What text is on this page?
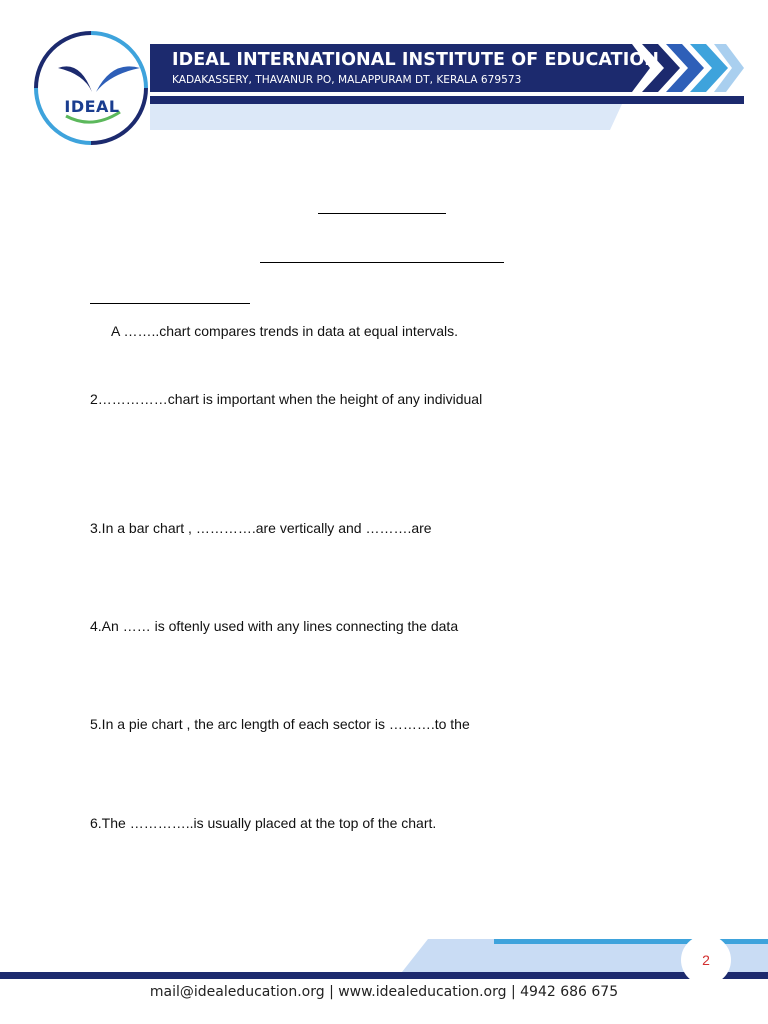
IDEAL
IDEAL INTERNATIONAL INSTITUTE OF EDUCATION
KADAKASSERY, THAVANUR PO, MALAPPURAM DT, KERALA 679573
A ……..chart compares trends in data at equal intervals.
2……………chart is important when the height of any individual
3.In a bar chart , ………….are vertically and ……….are
4.An …… is oftenly used with any lines connecting the data
5.In a pie chart , the arc length of each sector is ……….to the
6.The …………..is usually placed at the top of the chart.
2
mail@idealeducation.org | www.idealeducation.org | 4942 686 675
